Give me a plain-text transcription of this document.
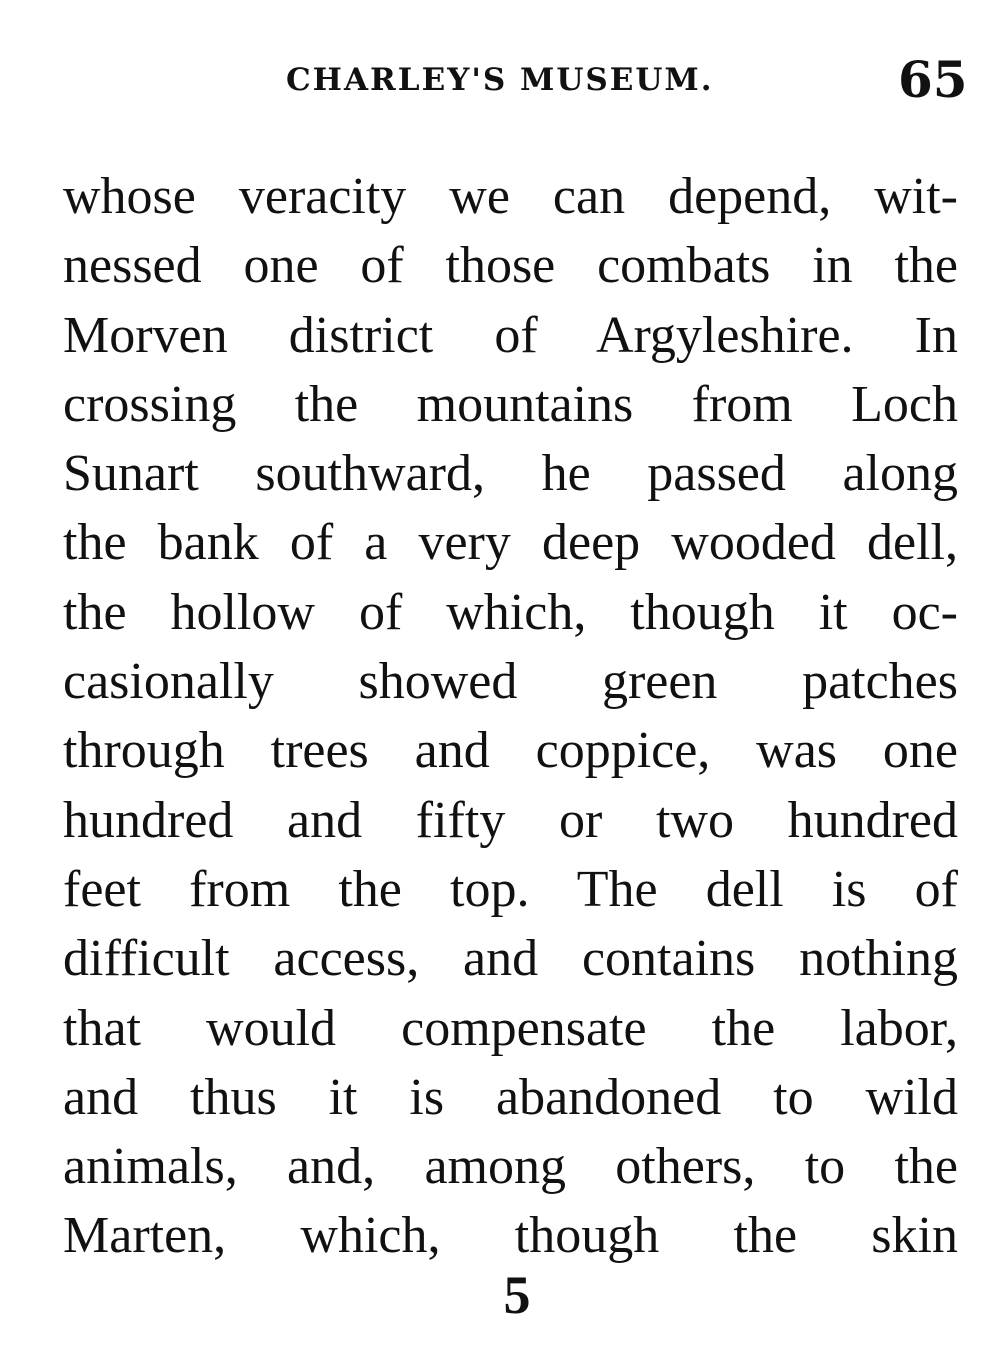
CHARLEY'S MUSEUM.	65
whose veracity we can depend, wit-
nessed one of those combats in the
Morven district of Argyleshire. In
crossing the mountains from Loch
Sunart southward, he passed along
the bank of a very deep wooded dell,
the hollow of which, though it oc-
casionally showed green patches
through trees and coppice, was one
hundred and fifty or two hundred
feet from the top. The dell is of
difficult access, and contains nothing
that would compensate the labor,
and thus it is abandoned to wild
animals, and, among others, to the
Marten, which, though the skin
5
